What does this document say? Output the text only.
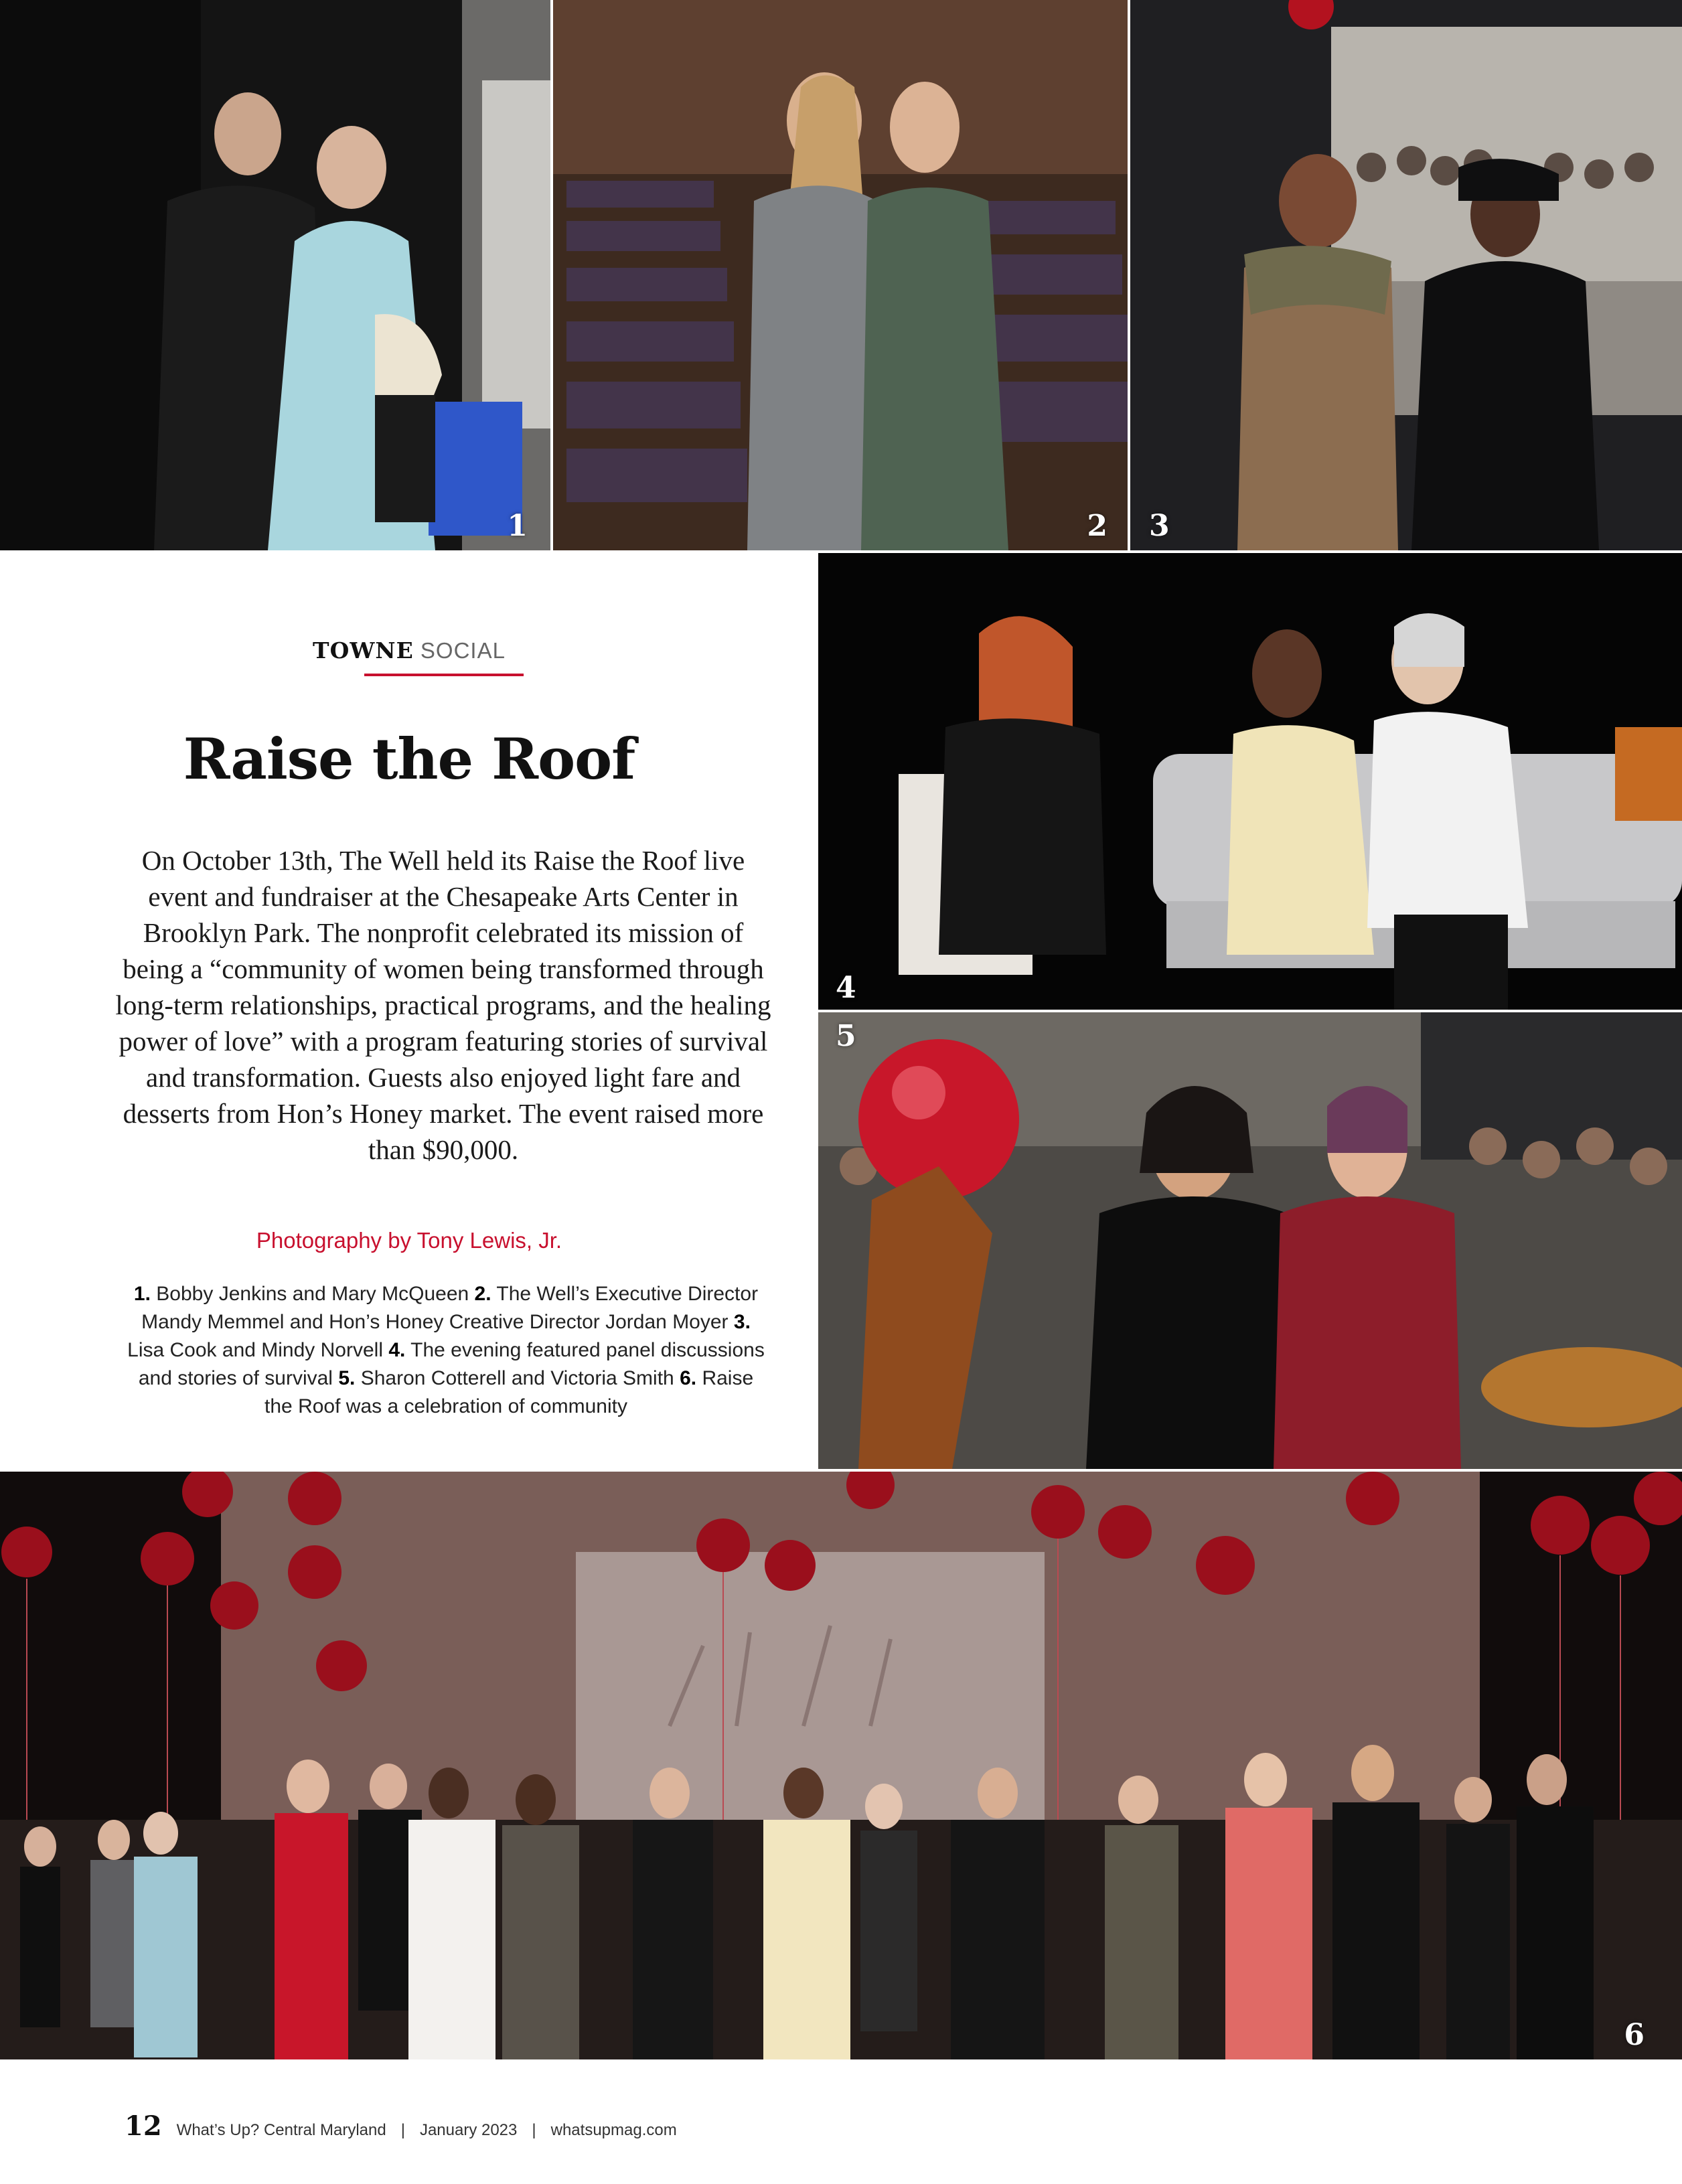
1	2 3
TOWNE SOCIAL
Raise the Roof

On October 13th, The Well held its Raise the Roof live event and fundraiser at the Chesapeake Arts Center in Brooklyn Park. The nonprofit celebrated its mission of being a “community of women being transformed through long-term relationships, practical programs, and the healing power of love” with a program featuring stories of survival and transformation. Guests also enjoyed light fare and desserts from Hon’s Honey market. The event raised more than $90,000.

Photography by Tony Lewis, Jr.

1. Bobby Jenkins and Mary McQueen 2. The Well’s Executive Director Mandy Memmel and Hon’s Honey Creative Director Jordan Moyer 3. Lisa Cook and Mindy Norvell 4. The evening featured panel discussions and stories of survival 5. Sharon Cotterell and Victoria Smith 6. Raise the Roof was a celebration of community

4
5
6
12 What’s Up? Central Maryland | January 2023 | whatsupmag.com
